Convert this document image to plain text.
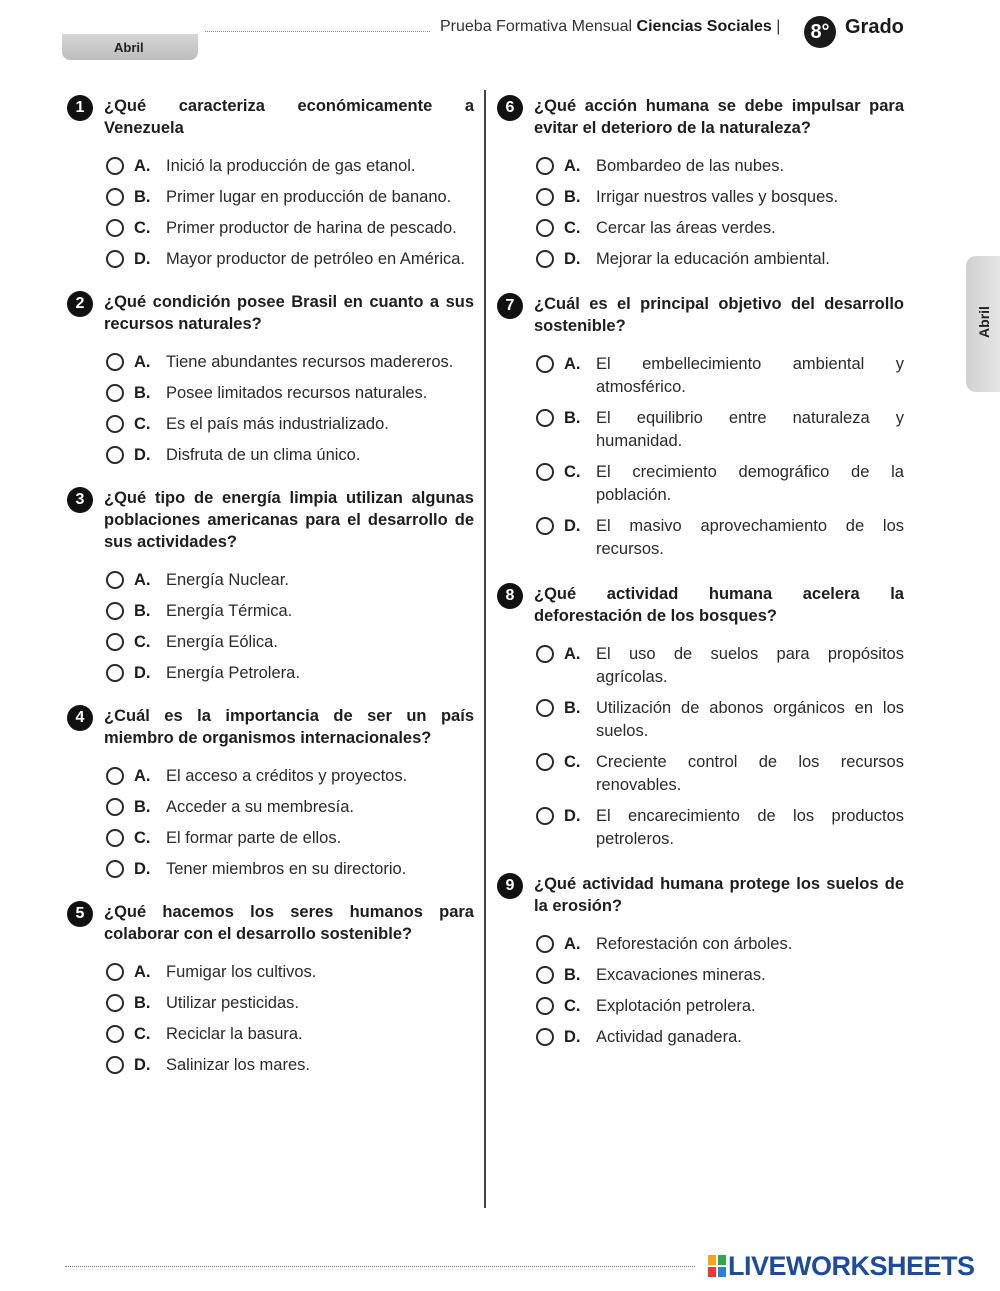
Abril
Prueba Formativa Mensual Ciencias Sociales |	8° Grado
Abril
1	¿Qué caracteriza económicamente a Venezuela

A. Inició la producción de gas etanol.
B. Primer lugar en producción de banano.
C. Primer productor de harina de pescado.
D. Mayor productor de petróleo en América.
2	¿Qué condición posee Brasil en cuanto a sus recursos naturales?

A. Tiene abundantes recursos madereros.
B. Posee limitados recursos naturales.
C. Es el país más industrializado.
D. Disfruta de un clima único.
3	¿Qué tipo de energía limpia utilizan algunas poblaciones americanas para el desarrollo de sus actividades?

A. Energía Nuclear.
B. Energía Térmica.
C. Energía Eólica.
D. Energía Petrolera.
4	¿Cuál es la importancia de ser un país miembro de organismos internacionales?

A. El acceso a créditos y proyectos.
B. Acceder a su membresía.
C. El formar parte de ellos.
D. Tener miembros en su directorio.
5	¿Qué hacemos los seres humanos para colaborar con el desarrollo sostenible?

A. Fumigar los cultivos.
B. Utilizar pesticidas.
C. Reciclar la basura.
D. Salinizar los mares.
6	¿Qué acción humana se debe impulsar para evitar el deterioro de la naturaleza?

A. Bombardeo de las nubes.
B. Irrigar nuestros valles y bosques.
C. Cercar las áreas verdes.
D. Mejorar la educación ambiental.
7	¿Cuál es el principal objetivo del desarrollo sostenible?

A. El embellecimiento ambiental y atmosférico.
B. El equilibrio entre naturaleza y humanidad.
C. El crecimiento demográfico de la población.
D. El masivo aprovechamiento de los recursos.
8	¿Qué actividad humana acelera la deforestación de los bosques?

A. El uso de suelos para propósitos agrícolas.
B. Utilización de abonos orgánicos en los suelos.
C. Creciente control de los recursos renovables.
D. El encarecimiento de los productos petroleros.
9	¿Qué actividad humana protege los suelos de la erosión?

A. Reforestación con árboles.
B. Excavaciones mineras.
C. Explotación petrolera.
D. Actividad ganadera.
LIVEWORKSHEETS
